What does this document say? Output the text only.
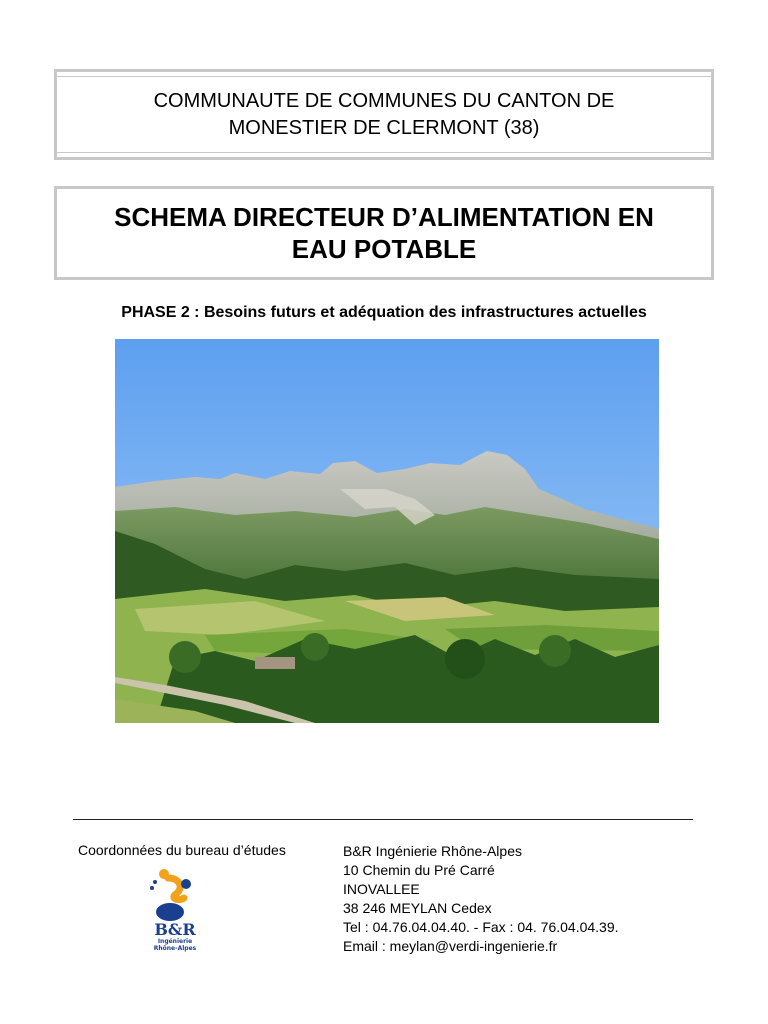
COMMUNAUTE DE COMMUNES DU CANTON DE
MONESTIER DE CLERMONT (38)
SCHEMA DIRECTEUR D’ALIMENTATION EN
EAU POTABLE
PHASE 2 : Besoins futurs et adéquation des infrastructures actuelles
Coordonnées du bureau d’études
B&R
Ingénierie
Rhône-Alpes
B&R Ingénierie Rhône-Alpes
10 Chemin du Pré Carré
INOVALLEE
38 246 MEYLAN Cedex
Tel : 04.76.04.04.40. - Fax : 04. 76.04.04.39.
Email : meylan@verdi-ingenierie.fr
